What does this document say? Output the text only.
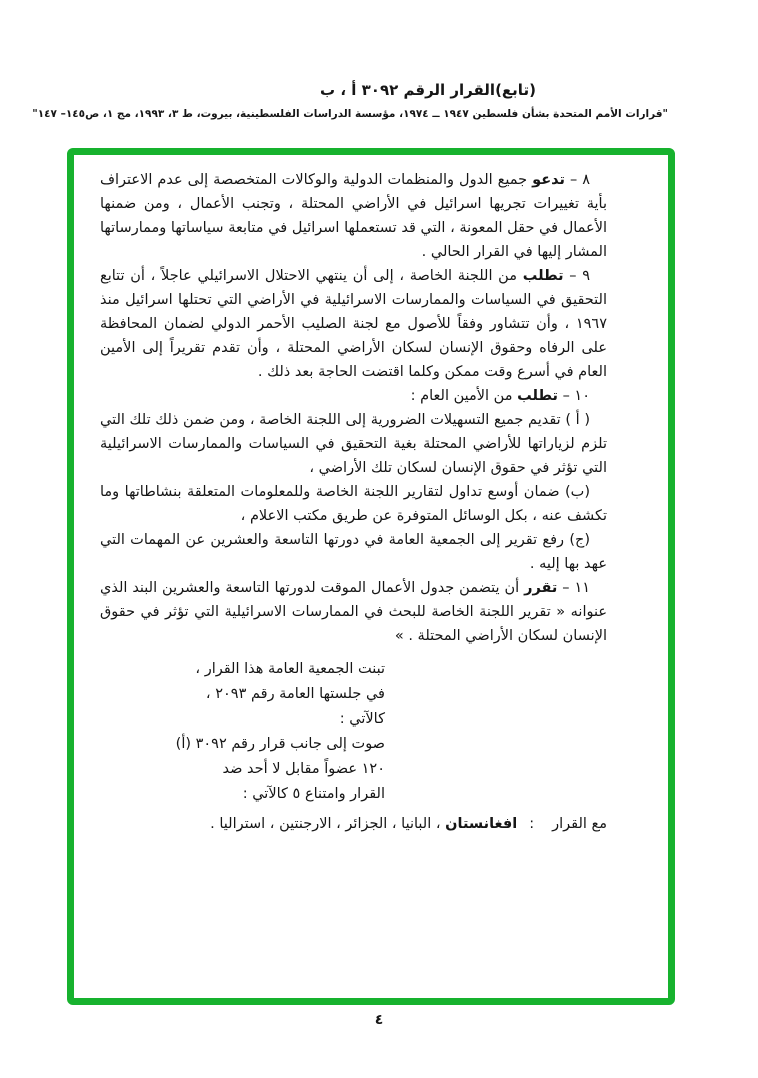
(تابع)القرار الرقم ٣٠٩٢ أ ، ب
"قرارات الأمم المتحدة بشأن فلسطين ١٩٤٧ ــ ١٩٧٤، مؤسسة الدراسات الفلسطينية، بيروت، ط ٣، ١٩٩٣، مج ١، ص١٤٥– ١٤٧"

٨ – تدعو جميع الدول والمنظمات الدولية والوكالات المتخصصة إلى عدم الاعتراف بأية تغييرات تجريها اسرائيل في الأراضي المحتلة ، وتجنب الأعمال ، ومن ضمنها الأعمال في حقل المعونة ، التي قد تستعملها اسرائيل في متابعة سياساتها وممارساتها المشار إليها في القرار الحالي .

٩ – تطلب من اللجنة الخاصة ، إلى أن ينتهي الاحتلال الاسرائيلي عاجلاً ، أن تتابع التحقيق في السياسات والممارسات الاسرائيلية في الأراضي التي تحتلها اسرائيل منذ ١٩٦٧ ، وأن تتشاور وفقاً للأصول مع لجنة الصليب الأحمر الدولي لضمان المحافظة على الرفاه وحقوق الإنسان لسكان الأراضي المحتلة ، وأن تقدم تقريراً إلى الأمين العام في أسرع وقت ممكن وكلما اقتضت الحاجة بعد ذلك .

١٠ – تطلب من الأمين العام :

( أ ) تقديم جميع التسهيلات الضرورية إلى اللجنة الخاصة ، ومن ضمن ذلك تلك التي تلزم لزياراتها للأراضي المحتلة بغية التحقيق في السياسات والممارسات الاسرائيلية التي تؤثر في حقوق الإنسان لسكان تلك الأراضي ،

(ب) ضمان أوسع تداول لتقارير اللجنة الخاصة وللمعلومات المتعلقة بنشاطاتها وما تكشف عنه ، بكل الوسائل المتوفرة عن طريق مكتب الاعلام ،

(ج) رفع تقرير إلى الجمعية العامة في دورتها التاسعة والعشرين عن المهمات التي عهد بها إليه .

١١ – تقرر أن يتضمن جدول الأعمال الموقت لدورتها التاسعة والعشرين البند الذي عنوانه « تقرير اللجنة الخاصة للبحث في الممارسات الاسرائيلية التي تؤثر في حقوق الإنسان لسكان الأراضي المحتلة . »

تبنت الجمعية العامة هذا القرار ،
في جلستها العامة رقم ٢٠٩٣ ،
كالآتي :
صوت إلى جانب قرار رقم ٣٠٩٢ (أ)
١٢٠ عضواً مقابل لا أحد ضد
القرار وامتناع ٥ كالآتي :
مع القرار
:
افغانستان ، البانيا ، الجزائر ، الارجنتين ، استراليا .
٤
